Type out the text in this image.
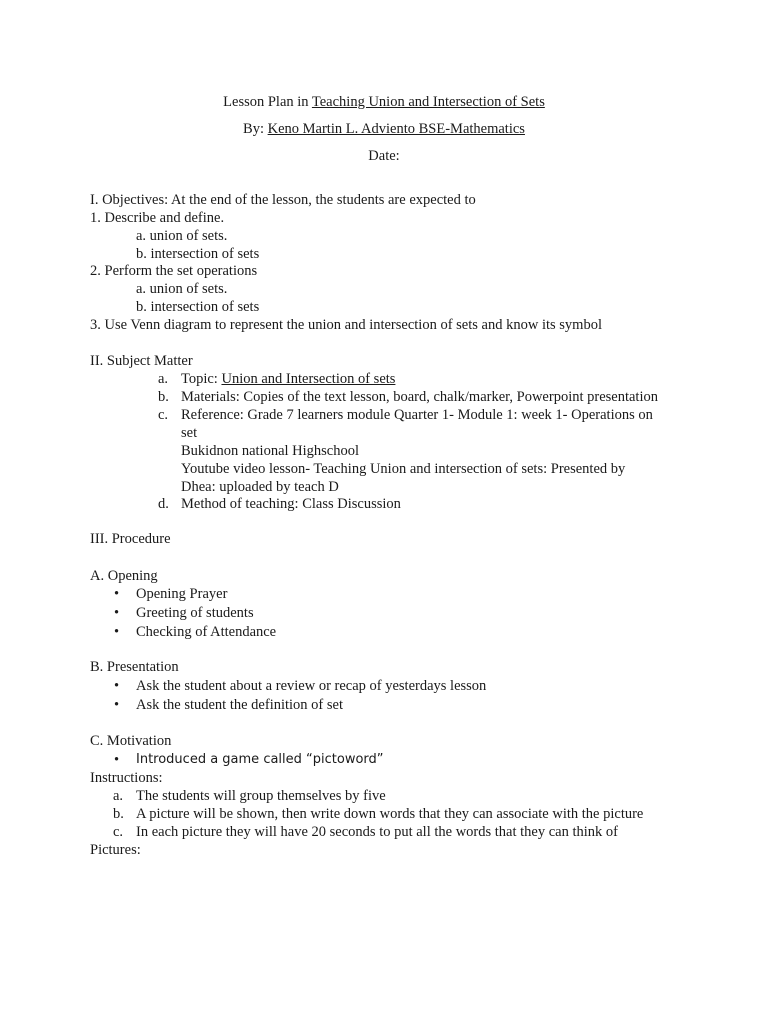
Lesson Plan in Teaching Union and Intersection of Sets
By: Keno Martin L. Adviento BSE-Mathematics
Date:
I. Objectives: At the end of the lesson, the students are expected to
1. Describe and define.
a. union of sets.
b. intersection of sets
2. Perform the set operations
a. union of sets.
b. intersection of sets
3. Use Venn diagram to represent the union and intersection of sets and know its symbol
II. Subject Matter
a. Topic: Union and Intersection of sets
b. Materials: Copies of the text lesson, board, chalk/marker, Powerpoint presentation
c. Reference: Grade 7 learners module Quarter 1- Module 1: week 1- Operations on
set
Bukidnon national Highschool
Youtube video lesson- Teaching Union and intersection of sets: Presented by
Dhea: uploaded by teach D
d. Method of teaching: Class Discussion
III. Procedure
A. Opening
• Opening Prayer
• Greeting of students
• Checking of Attendance
B. Presentation
• Ask the student about a review or recap of yesterdays lesson
• Ask the student the definition of set
C. Motivation
• Introduced a game called “pictoword”
Instructions:
a. The students will group themselves by five
b. A picture will be shown, then write down words that they can associate with the picture
c. In each picture they will have 20 seconds to put all the words that they can think of
Pictures:
